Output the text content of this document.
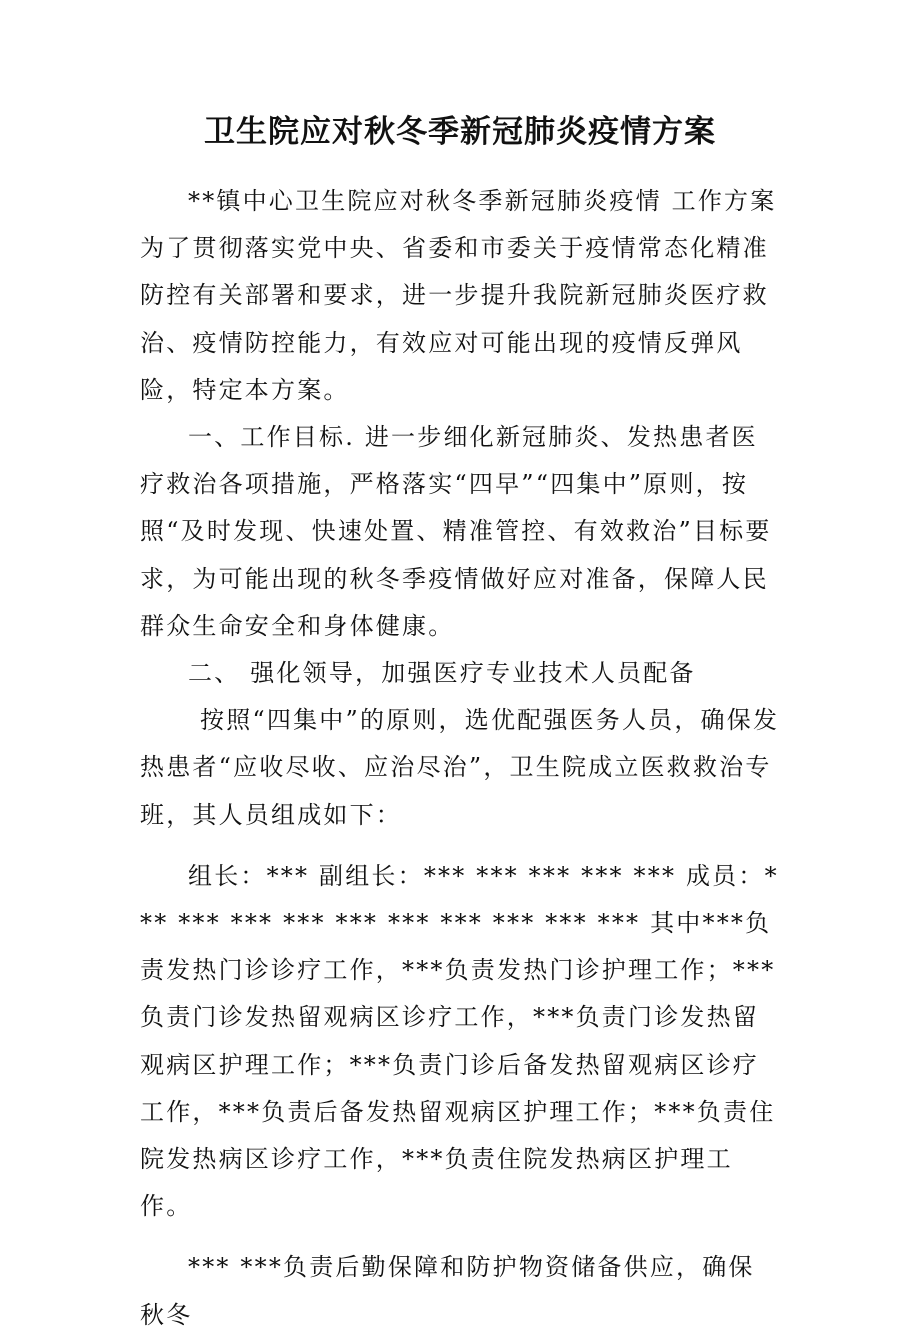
卫生院应对秋冬季新冠肺炎疫情方案

**镇中心卫生院应对秋冬季新冠肺炎疫情 工作方案 为了贯彻落实党中央、省委和市委关于疫情常态化精准防控有关部署和要求，进一步提升我院新冠肺炎医疗救治、疫情防控能力，有效应对可能出现的疫情反弹风险，特定本方案。

一、工作目标. 进一步细化新冠肺炎、发热患者医疗救治各项措施，严格落实“四早”“四集中”原则，按照“及时发现、快速处置、精准管控、有效救治”目标要求，为可能出现的秋冬季疫情做好应对准备，保障人民群众生命安全和身体健康。

二、 强化领导，加强医疗专业技术人员配备

按照“四集中”的原则，选优配强医务人员，确保发热患者“应收尽收、应治尽治”，卫生院成立医救救治专班，其人员组成如下：

组长：*** 副组长：*** *** *** *** *** 成员：*** *** *** *** *** *** *** *** *** *** 其中***负责发热门诊诊疗工作，***负责发热门诊护理工作；***负责门诊发热留观病区诊疗工作，***负责门诊发热留观病区护理工作；***负责门诊后备发热留观病区诊疗工作，***负责后备发热留观病区护理工作；***负责住院发热病区诊疗工作，***负责住院发热病区护理工作。

*** ***负责后勤保障和防护物资储备供应，确保秋冬
